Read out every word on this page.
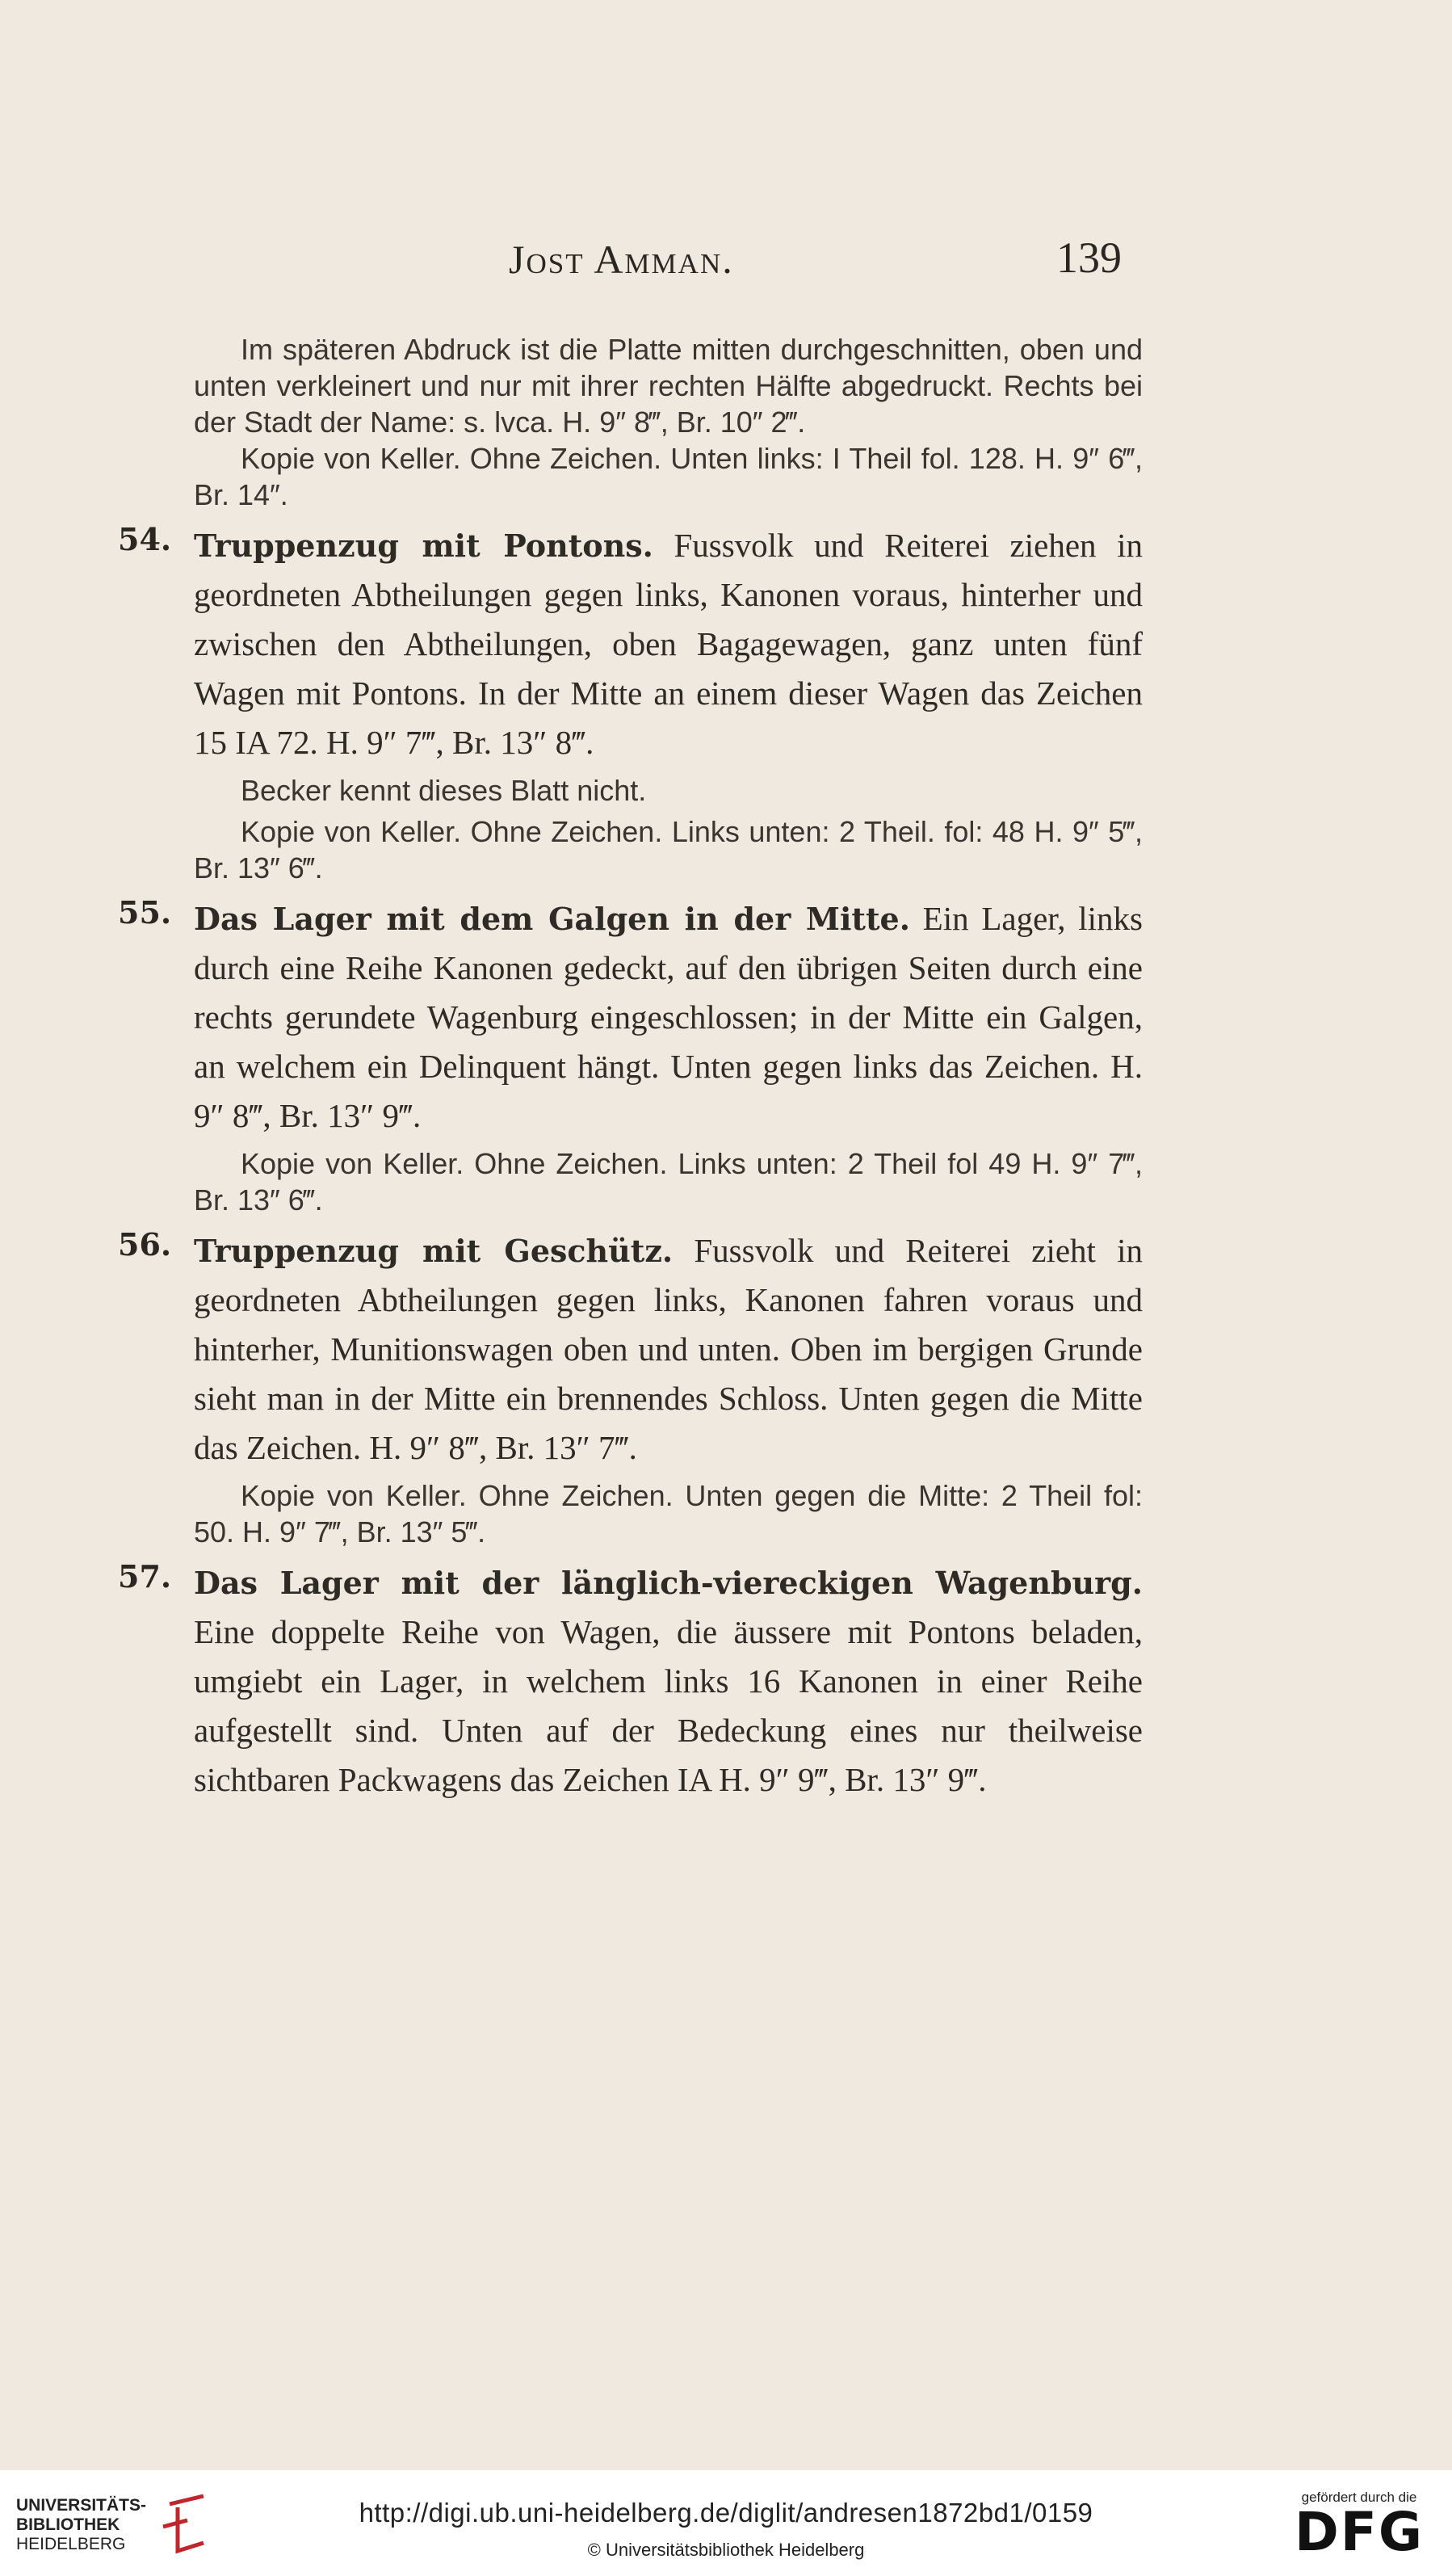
Jost Amman.	139

Im späteren Abdruck ist die Platte mitten durchgeschnitten, oben und unten verkleinert und nur mit ihrer rechten Hälfte abgedruckt. Rechts bei der Stadt der Name: s. lvca. H. 9″ 8‴, Br. 10″ 2‴.

Kopie von Keller. Ohne Zeichen. Unten links: I Theil fol. 128. H. 9″ 6‴, Br. 14″.

54. Truppenzug mit Pontons. Fussvolk und Reiterei ziehen in geordneten Abtheilungen gegen links, Kanonen voraus, hinterher und zwischen den Abtheilungen, oben Bagagewagen, ganz unten fünf Wagen mit Pontons. In der Mitte an einem dieser Wagen das Zeichen 15 IA 72. H. 9″ 7‴, Br. 13″ 8‴.

Becker kennt dieses Blatt nicht.

Kopie von Keller. Ohne Zeichen. Links unten: 2 Theil. fol: 48 H. 9″ 5‴, Br. 13″ 6‴.

55. Das Lager mit dem Galgen in der Mitte. Ein Lager, links durch eine Reihe Kanonen gedeckt, auf den übrigen Seiten durch eine rechts gerundete Wagenburg eingeschlossen; in der Mitte ein Galgen, an welchem ein Delinquent hängt. Unten gegen links das Zeichen. H. 9″ 8‴, Br. 13″ 9‴.

Kopie von Keller. Ohne Zeichen. Links unten: 2 Theil fol 49 H. 9″ 7‴, Br. 13″ 6‴.

56. Truppenzug mit Geschütz. Fussvolk und Reiterei zieht in geordneten Abtheilungen gegen links, Kanonen fahren voraus und hinterher, Munitionswagen oben und unten. Oben im bergigen Grunde sieht man in der Mitte ein brennendes Schloss. Unten gegen die Mitte das Zeichen. H. 9″ 8‴, Br. 13″ 7‴.

Kopie von Keller. Ohne Zeichen. Unten gegen die Mitte: 2 Theil fol: 50. H. 9″ 7‴, Br. 13″ 5‴.

57. Das Lager mit der länglich-viereckigen Wagenburg. Eine doppelte Reihe von Wagen, die äussere mit Pontons beladen, umgiebt ein Lager, in welchem links 16 Kanonen in einer Reihe aufgestellt sind. Unten auf der Bedeckung eines nur theilweise sichtbaren Packwagens das Zeichen IA H. 9″ 9‴, Br. 13″ 9‴.

UNIVERSITÄTS-
BIBLIOTHEK
HEIDELBERG
http://digi.ub.uni-heidelberg.de/diglit/andresen1872bd1/0159
© Universitätsbibliothek Heidelberg
gefördert durch die
DFG
